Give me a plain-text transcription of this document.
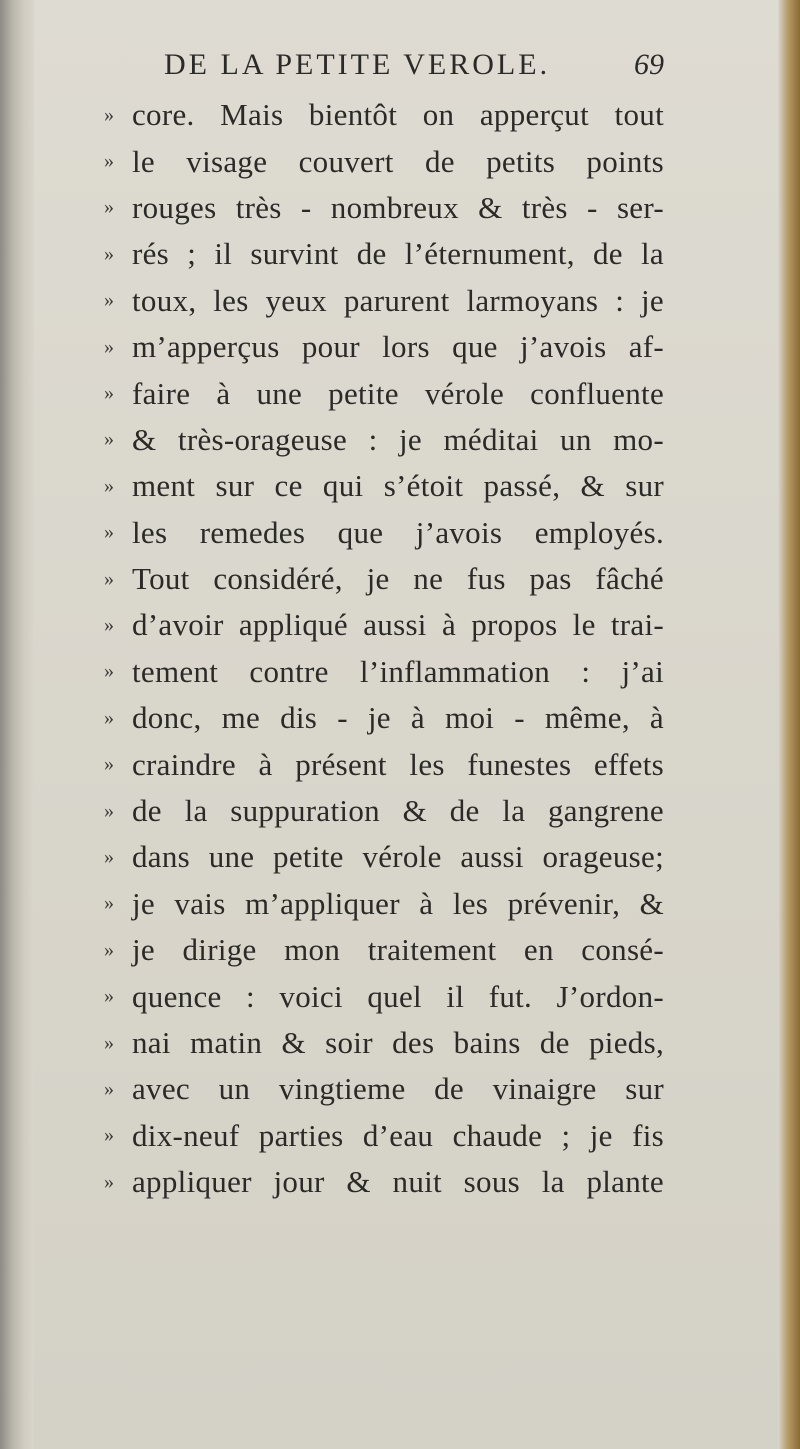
DE LA PETITE VEROLE.	69
» core. Mais bientôt on apperçut tout
» le visage couvert de petits points
» rouges très - nombreux & très - ser-
» rés ; il survint de l’éternument, de la
» toux, les yeux parurent larmoyans : je
» m’apperçus pour lors que j’avois af-
» faire à une petite vérole confluente
» & très-orageuse : je méditai un mo-
» ment sur ce qui s’étoit passé, & sur
» les remedes que j’avois employés.
» Tout considéré, je ne fus pas fâché
» d’avoir appliqué aussi à propos le trai-
» tement contre l’inflammation : j’ai
» donc, me dis - je à moi - même, à
» craindre à présent les funestes effets
» de la suppuration & de la gangrene
» dans une petite vérole aussi orageuse;
» je vais m’appliquer à les prévenir, &
» je dirige mon traitement en consé-
» quence : voici quel il fut. J’ordon-
» nai matin & soir des bains de pieds,
» avec un vingtieme de vinaigre sur
» dix-neuf parties d’eau chaude ; je fis
» appliquer jour & nuit sous la plante
